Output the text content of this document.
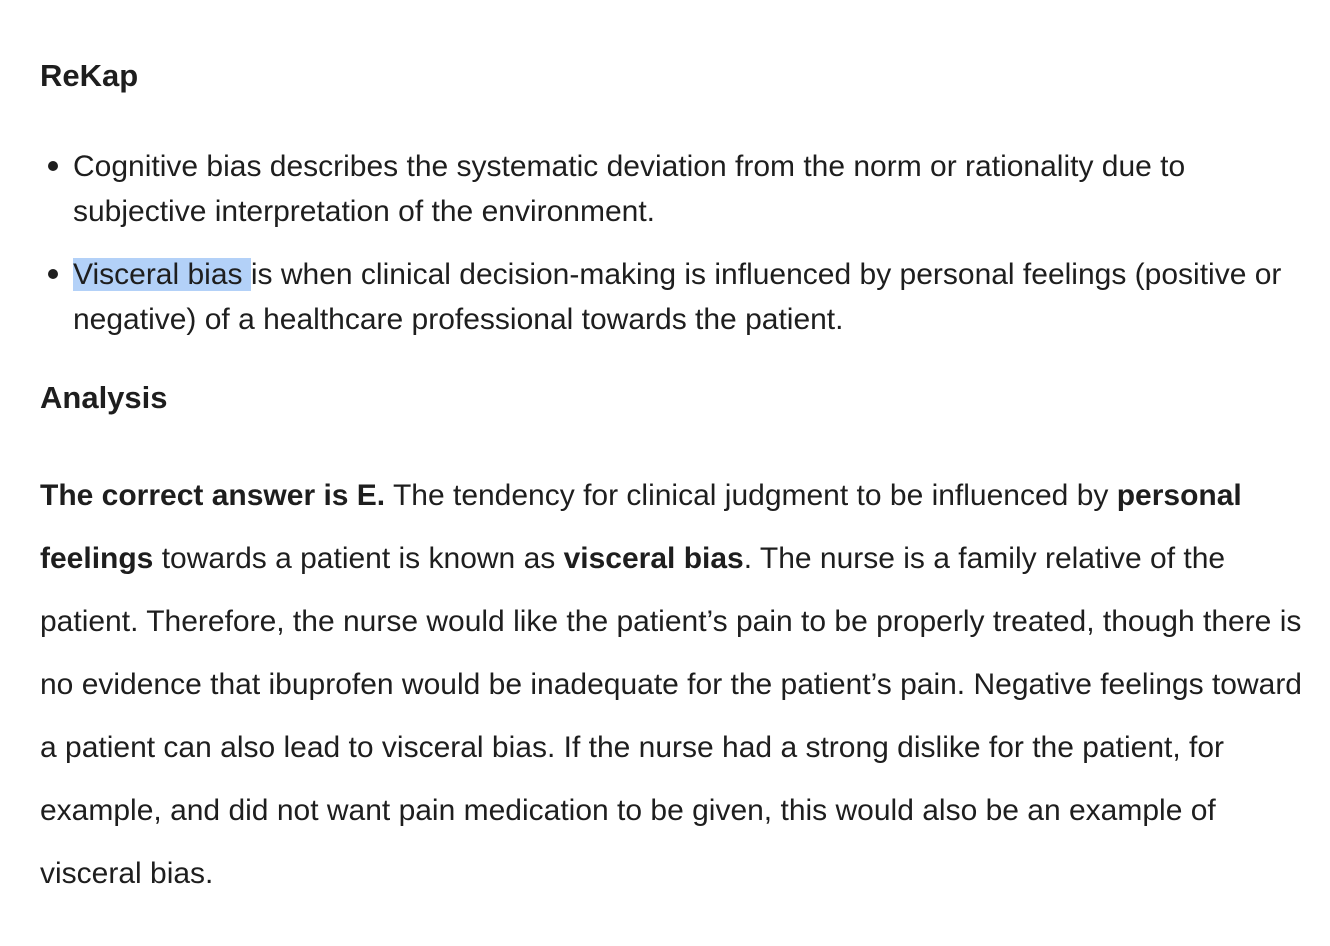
ReKap
Cognitive bias describes the systematic deviation from the norm or rationality due to subjective interpretation of the environment.
Visceral bias is when clinical decision-making is influenced by personal feelings (positive or negative) of a healthcare professional towards the patient.
Analysis

The correct answer is E. The tendency for clinical judgment to be influenced by personal feelings towards a patient is known as visceral bias. The nurse is a family relative of the patient. Therefore, the nurse would like the patient’s pain to be properly treated, though there is no evidence that ibuprofen would be inadequate for the patient’s pain. Negative feelings toward a patient can also lead to visceral bias. If the nurse had a strong dislike for the patient, for example, and did not want pain medication to be given, this would also be an example of visceral bias.
